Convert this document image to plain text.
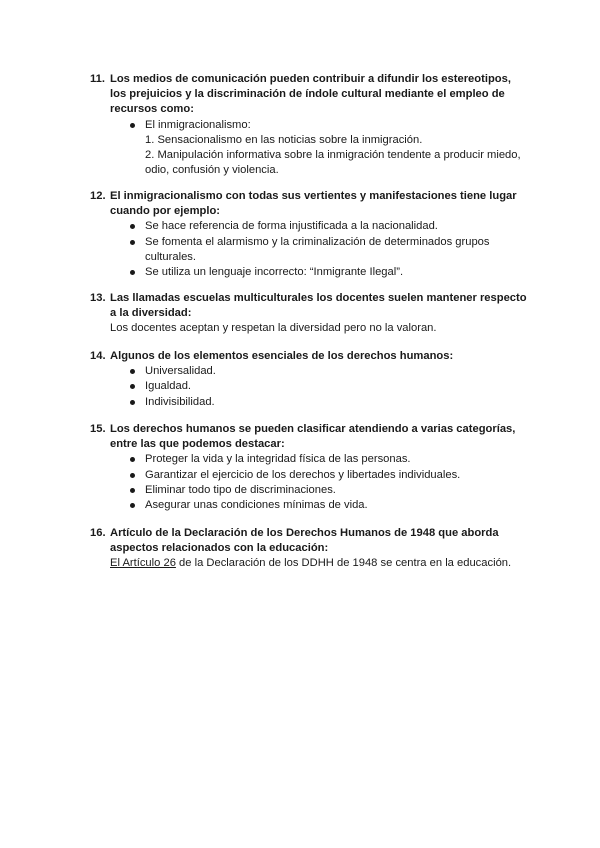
11. Los medios de comunicación pueden contribuir a difundir los estereotipos, los prejuicios y la discriminación de índole cultural mediante el empleo de recursos como:
El inmigracionalismo:
1. Sensacionalismo en las noticias sobre la inmigración.
2. Manipulación informativa sobre la inmigración tendente a producir miedo, odio, confusión y violencia.
12. El inmigracionalismo con todas sus vertientes y manifestaciones tiene lugar cuando por ejemplo:
Se hace referencia de forma injustificada a la nacionalidad.
Se fomenta el alarmismo y la criminalización de determinados grupos culturales.
Se utiliza un lenguaje incorrecto: “Inmigrante Ilegal”.
13. Las llamadas escuelas multiculturales los docentes suelen mantener respecto a la diversidad:
Los docentes aceptan y respetan la diversidad pero no la valoran.
14. Algunos de los elementos esenciales de los derechos humanos:
Universalidad.
Igualdad.
Indivisibilidad.
15. Los derechos humanos se pueden clasificar atendiendo a varias categorías, entre las que podemos destacar:
Proteger la vida y la integridad física de las personas.
Garantizar el ejercicio de los derechos y libertades individuales.
Eliminar todo tipo de discriminaciones.
Asegurar unas condiciones mínimas de vida.
16. Artículo de la Declaración de los Derechos Humanos de 1948 que aborda aspectos relacionados con la educación:
El Artículo 26 de la Declaración de los DDHH de 1948 se centra en la educación.
